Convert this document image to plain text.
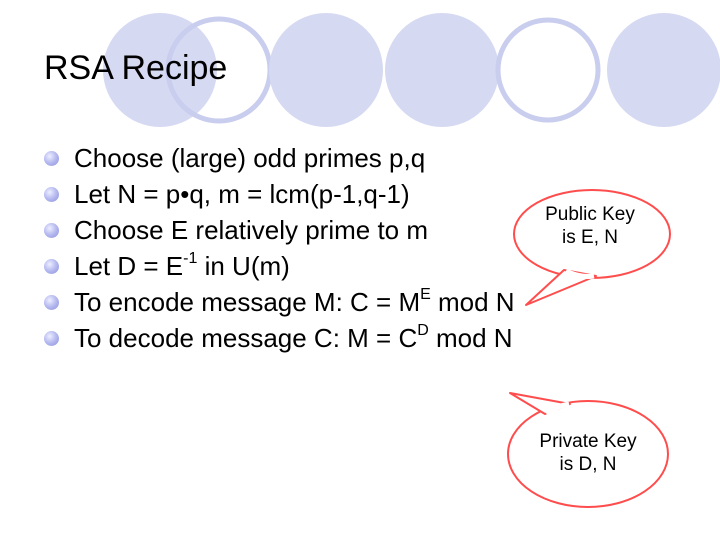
RSA Recipe
Choose (large) odd primes p,q
Let N = p•q, m = lcm(p-1,q-1)
Choose E relatively prime to m
Let $D = E^{-1}$ in U(m)
To encode message M: $C = M^E$ mod N
To decode message C: $M = C^D$ mod N
Public Key
is E, N
Private Key
is D, N
